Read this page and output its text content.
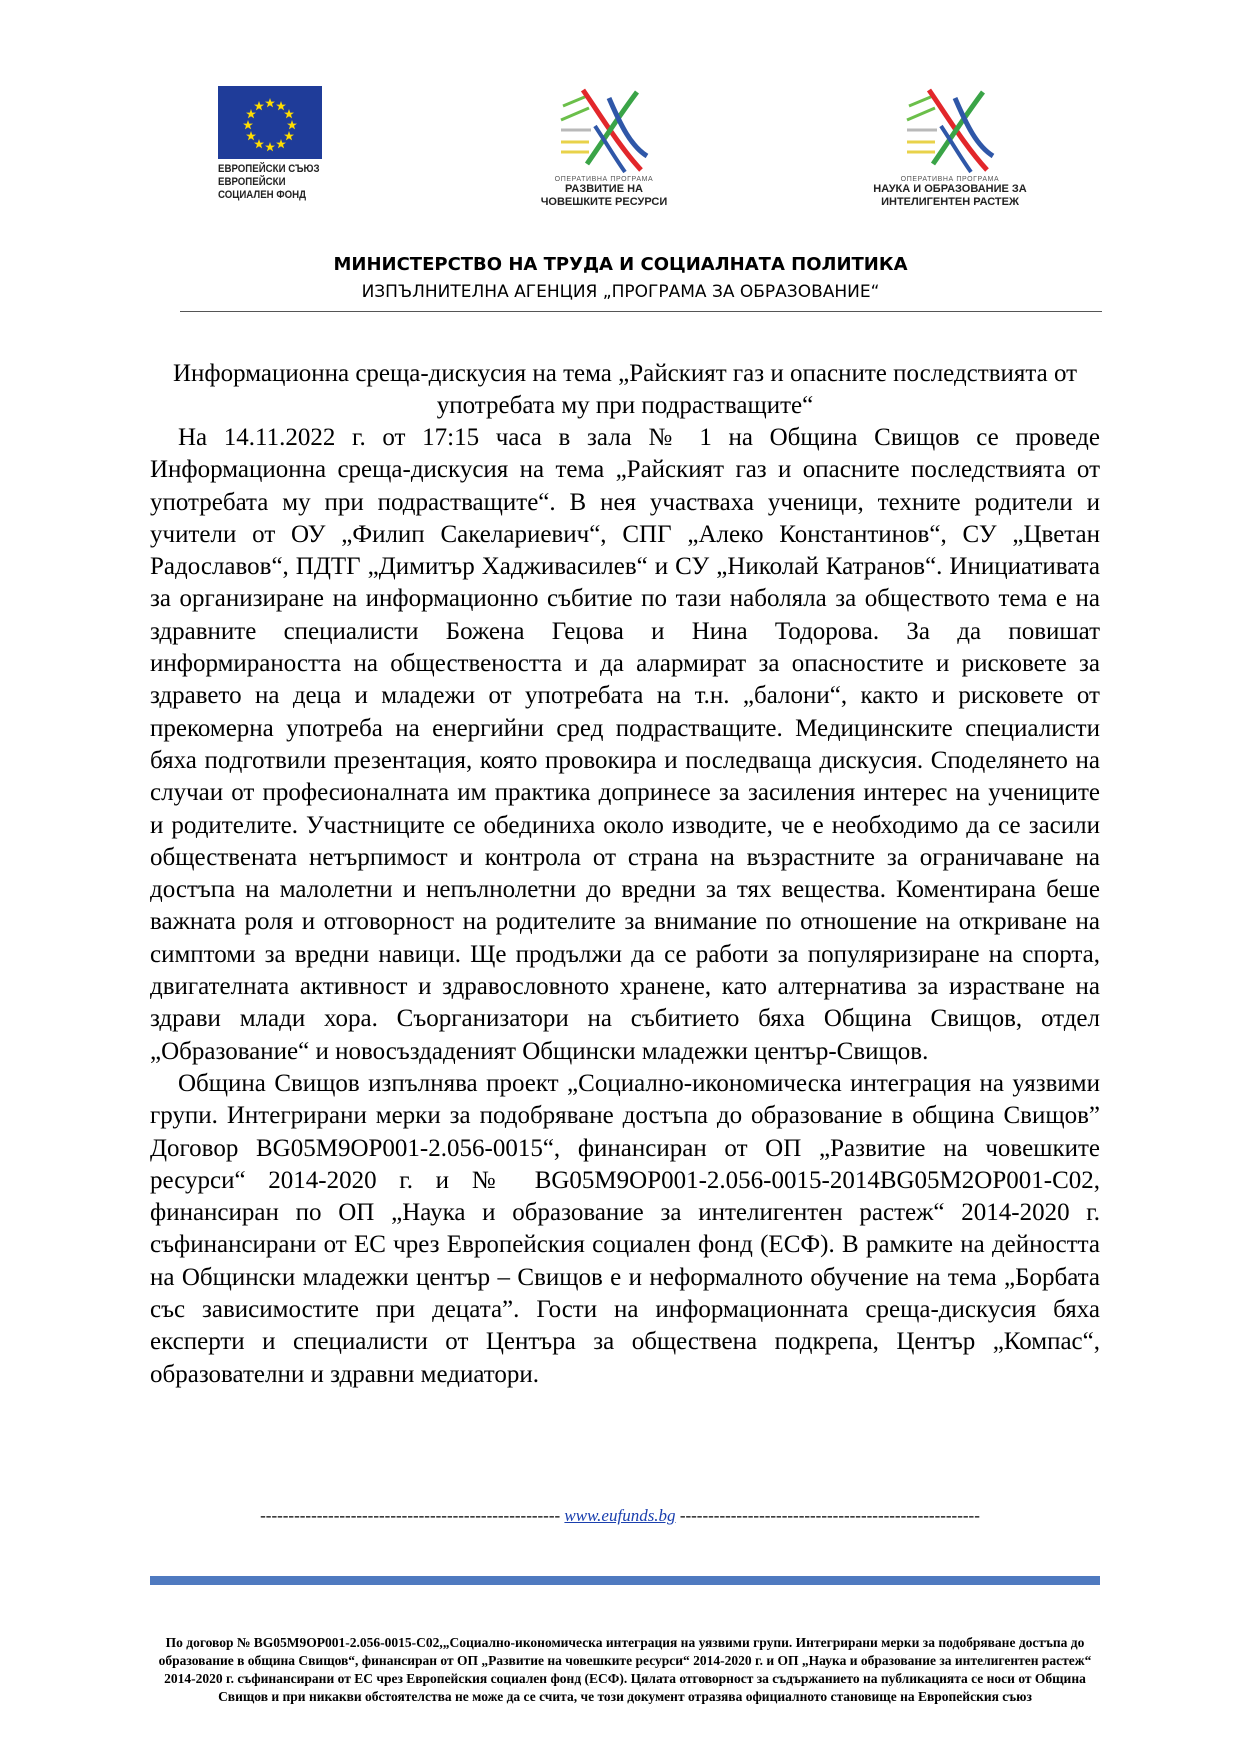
ЕВРОПЕЙСКИ СЪЮЗ
ЕВРОПЕЙСКИ
СОЦИАЛЕН ФОНД
ОПЕРАТИВНА ПРОГРАМА
РАЗВИТИЕ НА
ЧОВЕШКИТЕ РЕСУРСИ
ОПЕРАТИВНА ПРОГРАМА
НАУКА И ОБРАЗОВАНИЕ ЗА
ИНТЕЛИГЕНТЕН РАСТЕЖ
МИНИСТЕРСТВО НА ТРУДА И СОЦИАЛНАТА ПОЛИТИКА
ИЗПЪЛНИТЕЛНА АГЕНЦИЯ „ПРОГРАМА ЗА ОБРАЗОВАНИЕ“
Информационна среща-дискусия на тема „Райският газ и опасните последствията от употребата му при подрастващите“

На 14.11.2022 г. от 17:15 часа в зала № 1 на Община Свищов се проведе Информационна среща-дискусия на тема „Райският газ и опасните последствията от употребата му при подрастващите“. В нея участваха ученици, техните родители и учители от ОУ „Филип Сакелариевич“, СПГ „Алеко Константинов“, СУ „Цветан Радославов“, ПДТГ „Димитър Хадживасилев“ и СУ „Николай Катранов“. Инициативата за организиране на информационно събитие по тази наболяла за обществото тема е на здравните специалисти Божена Гецова и Нина Тодорова. За да повишат информираността на обществеността и да алармират за опасностите и рисковете за здравето на деца и младежи от употребата на т.н. „балони“, както и рисковете от прекомерна употреба на енергийни сред подрастващите. Медицинските специалисти бяха подготвили презентация, която провокира и последваща дискусия. Споделянето на случаи от професионалната им практика допринесе за засиления интерес на учениците и родителите. Участниците се обединиха около изводите, че е необходимо да се засили обществената нетърпимост и контрола от страна на възрастните за ограничаване на достъпа на малолетни и непълнолетни до вредни за тях вещества. Коментирана беше важната роля и отговорност на родителите за внимание по отношение на откриване на симптоми за вредни навици. Ще продължи да се работи за популяризиране на спорта, двигателната активност и здравословното хранене, като алтернатива за израстване на здрави млади хора. Съорганизатори на събитието бяха Община Свищов, отдел „Образование“ и новосъздаденият Общински младежки център-Свищов.

Община Свищов изпълнява проект „Социално-икономическа интеграция на уязвими групи. Интегрирани мерки за подобряване достъпа до образование в община Свищов” Договор BG05M9OP001-2.056-0015“, финансиран от ОП „Развитие на човешките ресурси“ 2014-2020 г. и № BG05M9OP001-2.056-0015-2014BG05M2OP001-C02, финансиран по ОП „Наука и образование за интелигентен растеж“ 2014-2020 г. съфинансирани от ЕС чрез Европейския социален фонд (ЕСФ). В рамките на дейността на Общински младежки център – Свищов е и неформалното обучение на тема „Борбата със зависимостите при децата”. Гости на информационната среща-дискусия бяха експерти и специалисти от Центъра за обществена подкрепа, Център „Компас“, образователни и здравни медиатори.

----------------------------------------------------- www.eufunds.bg -----------------------------------------------------
По договор № BG05M9OP001-2.056-0015-C02,„Социално-икономическа интеграция на уязвими групи. Интегрирани мерки за подобряване достъпа до образование в община Свищов“, финансиран от ОП „Развитие на човешките ресурси“ 2014-2020 г. и ОП „Наука и образование за интелигентен растеж“ 2014-2020 г. съфинансирани от ЕС чрез Европейския социален фонд (ЕСФ). Цялата отговорност за съдържанието на публикацията се носи от Община Свищов и при никакви обстоятелства не може да се счита, че този документ отразява официалното становище на Европейския съюз
